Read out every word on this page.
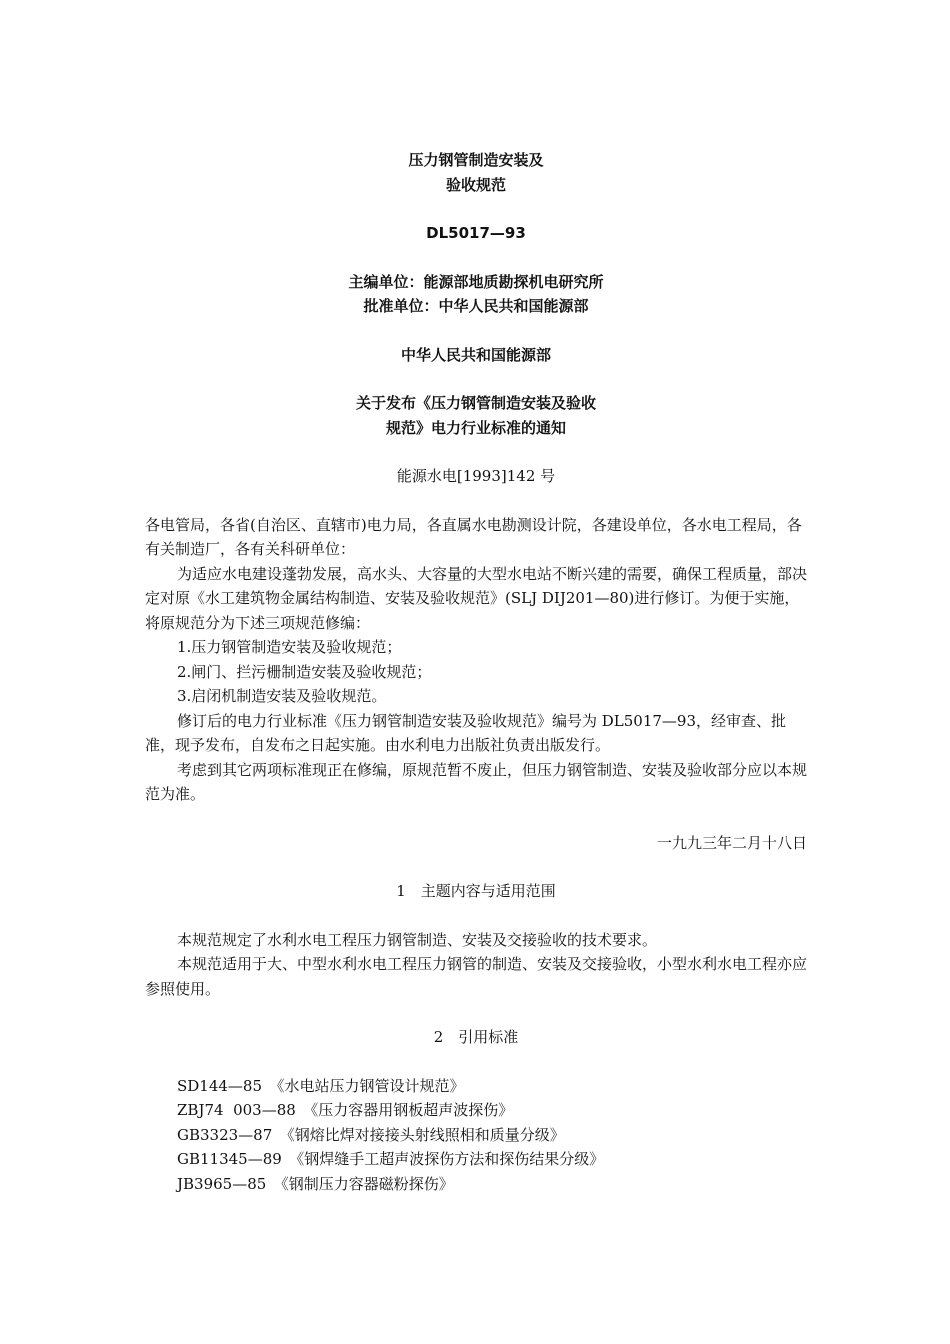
压力钢管制造安装及
验收规范
DL5017—93
主编单位：能源部地质勘探机电研究所
批准单位：中华人民共和国能源部
中华人民共和国能源部
关于发布《压力钢管制造安装及验收
规范》电力行业标准的通知
能源水电[1993]142 号

各电管局，各省(自治区、直辖市)电力局，各直属水电勘测设计院，各建设单位，各水电工程局，各有关制造厂，各有关科研单位：

为适应水电建设蓬勃发展，高水头、大容量的大型水电站不断兴建的需要，确保工程质量，部决定对原《水工建筑物金属结构制造、安装及验收规范》(SLJ DIJ201—80)进行修订。为便于实施，将原规范分为下述三项规范修编：

1.压力钢管制造安装及验收规范；

2.闸门、拦污栅制造安装及验收规范；

3.启闭机制造安装及验收规范。

修订后的电力行业标准《压力钢管制造安装及验收规范》编号为 DL5017—93，经审查、批准，现予发布，自发布之日起实施。由水利电力出版社负责出版发行。

考虑到其它两项标准现正在修编，原规范暂不废止，但压力钢管制造、安装及验收部分应以本规范为准。

一九九三年二月十八日
1　主题内容与适用范围

本规范规定了水利水电工程压力钢管制造、安装及交接验收的技术要求。

本规范适用于大、中型水利水电工程压力钢管的制造、安装及交接验收，小型水利水电工程亦应参照使用。

2　引用标准
SD144—85　《水电站压力钢管设计规范》
ZBJ74  003—88　《压力容器用钢板超声波探伤》
GB3323—87　《钢熔比焊对接接头射线照相和质量分级》
GB11345—89　《钢焊缝手工超声波探伤方法和探伤结果分级》
JB3965—85　《钢制压力容器磁粉探伤》
